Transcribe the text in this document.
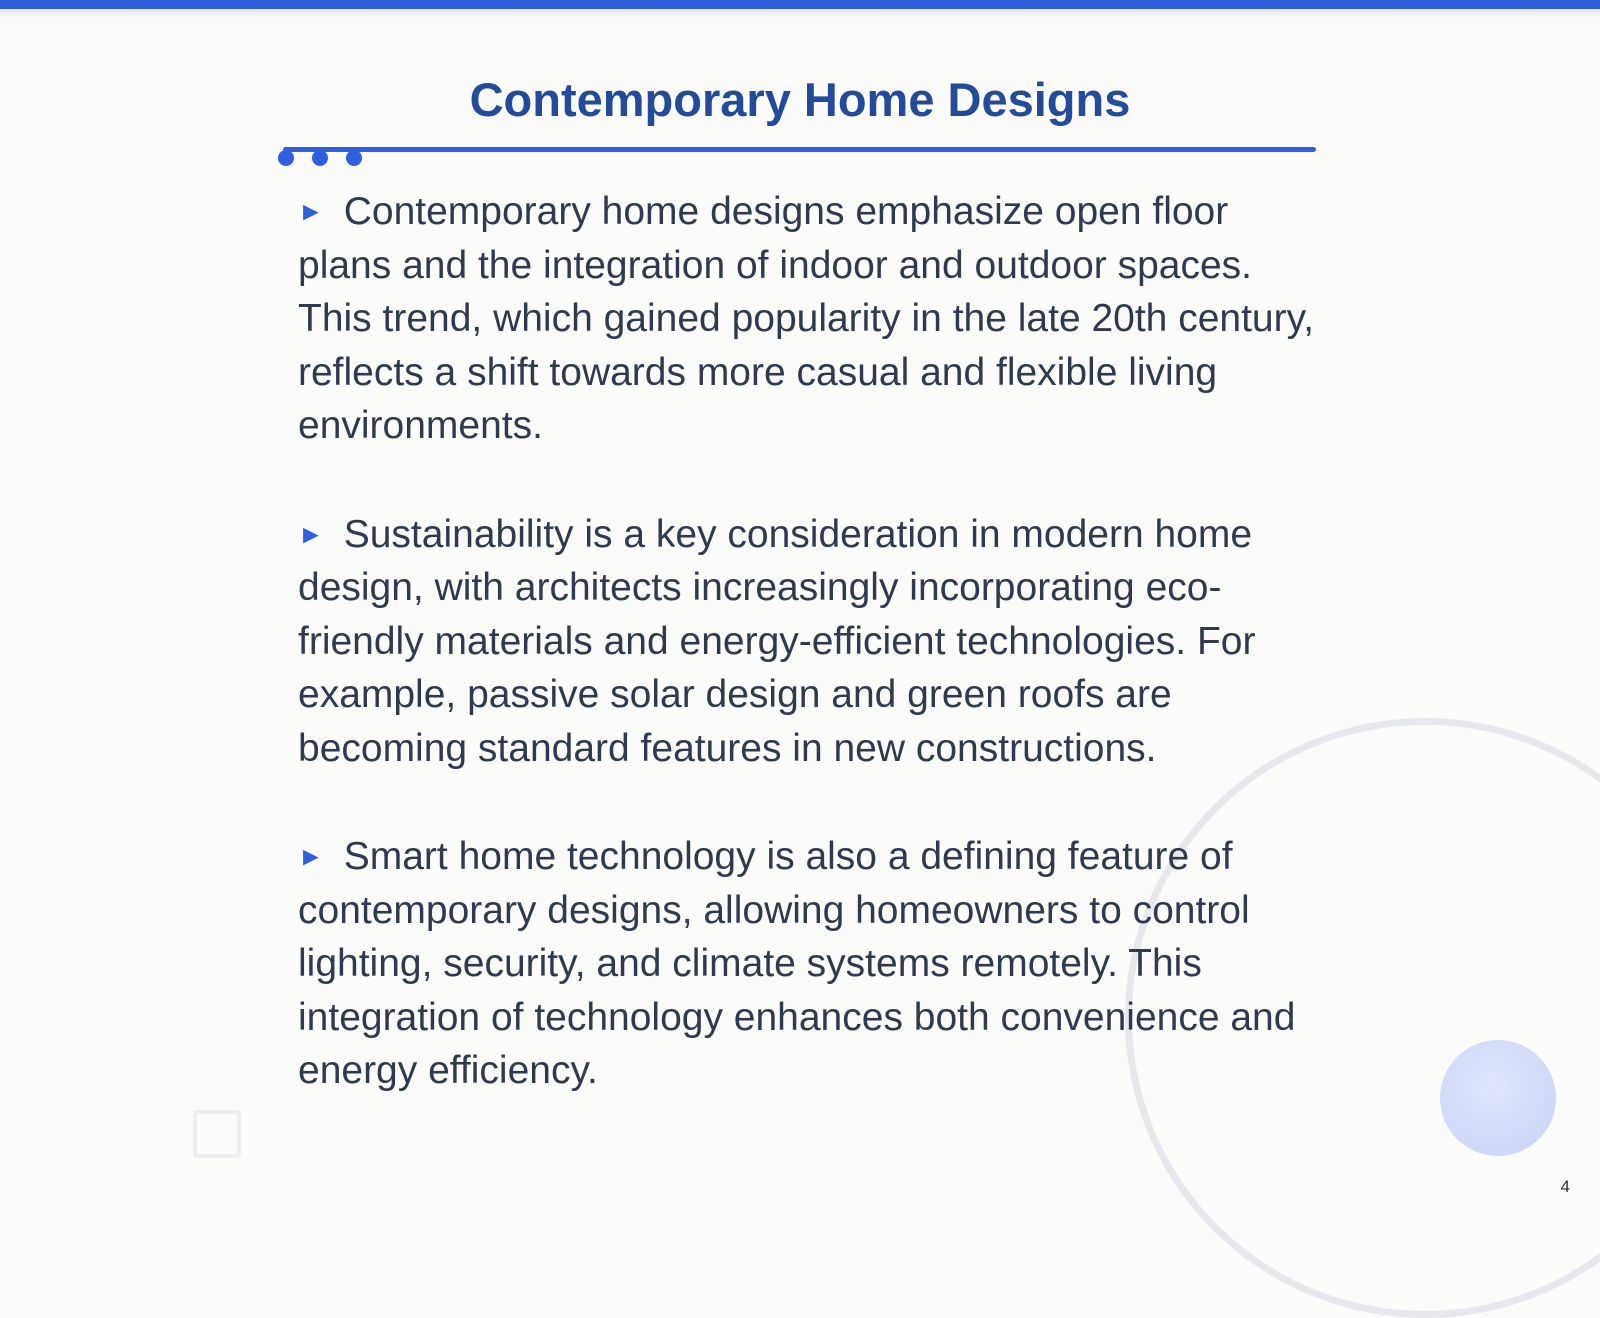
Contemporary Home Designs

► Contemporary home designs emphasize open floor plans and the integration of indoor and outdoor spaces. This trend, which gained popularity in the late 20th century, reflects a shift towards more casual and flexible living environments.

► Sustainability is a key consideration in modern home design, with architects increasingly incorporating eco-friendly materials and energy-efficient technologies. For example, passive solar design and green roofs are becoming standard features in new constructions.

► Smart home technology is also a defining feature of contemporary designs, allowing homeowners to control lighting, security, and climate systems remotely. This integration of technology enhances both convenience and energy efficiency.

4
